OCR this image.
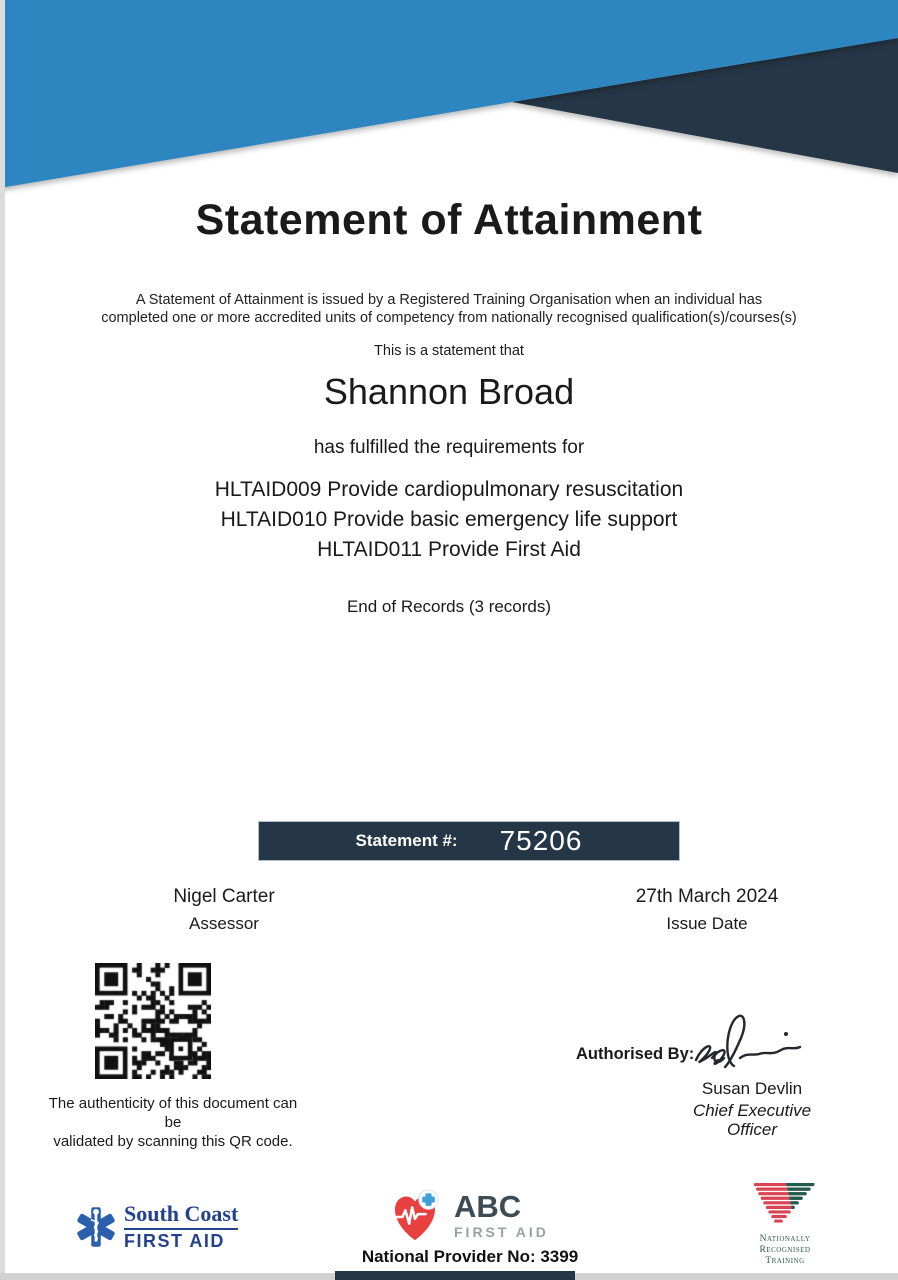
Statement of Attainment
A Statement of Attainment is issued by a Registered Training Organisation when an individual has
completed one or more accredited units of competency from nationally recognised qualification(s)/courses(s)
This is a statement that
Shannon Broad
has fulfilled the requirements for
HLTAID009 Provide cardiopulmonary resuscitation
HLTAID010 Provide basic emergency life support
HLTAID011 Provide First Aid
End of Records (3 records)
Statement #: 75206
Nigel Carter
Assessor
27th March 2024
Issue Date
The authenticity of this document can be
validated by scanning this QR code.
Authorised By:
Susan Devlin
Chief Executive
Officer
South Coast
FIRST AID
ABC
FIRST AID
National Provider No: 3399
Nationally Recognised
Training
